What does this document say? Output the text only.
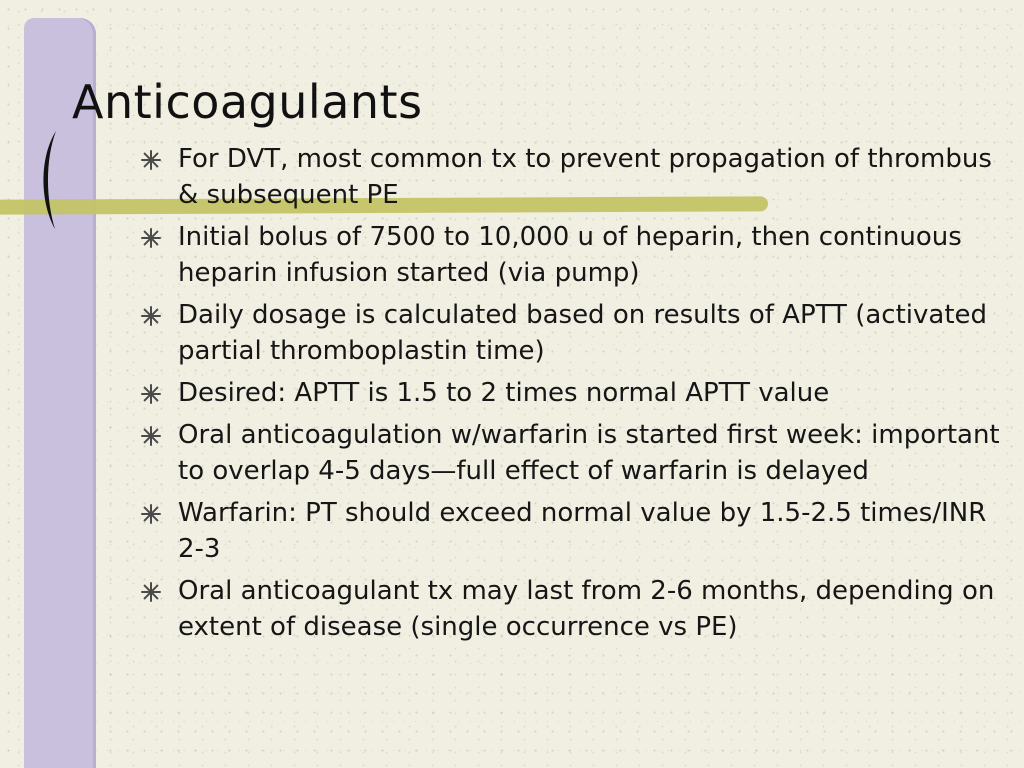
Anticoagulants
For DVT, most common tx to prevent propagation of thrombus & subsequent PE
Initial bolus of 7500 to 10,000 u of heparin, then continuous heparin infusion started (via pump)
Daily dosage is calculated based on results of APTT (activated partial thromboplastin time)
Desired: APTT is 1.5 to 2 times normal APTT value
Oral anticoagulation w/warfarin is started first week: important to overlap 4-5 days—full effect of warfarin is delayed
Warfarin: PT should exceed normal value by 1.5-2.5 times/INR 2-3
Oral anticoagulant tx may last from 2-6 months, depending on extent of disease (single occurrence vs PE)
